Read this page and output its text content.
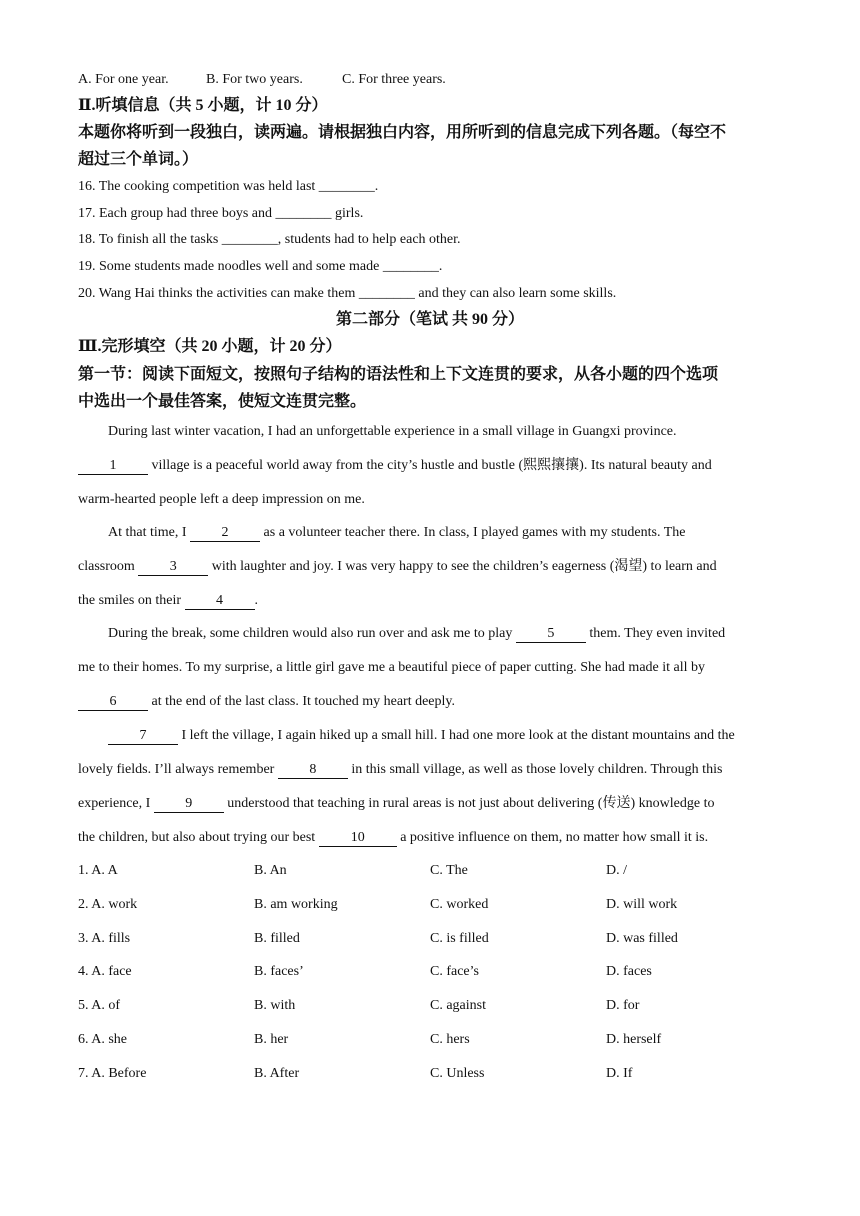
A. For one year.	B. For two years.	C. For three years.
Ⅱ.听填信息（共 5 小题，计 10 分）
本题你将听到一段独白，读两遍。请根据独白内容，用所听到的信息完成下列各题。（每空不
超过三个单词。）
16. The cooking competition was held last ________.
17. Each group had three boys and ________ girls.
18. To finish all the tasks ________, students had to help each other.
19. Some students made noodles well and some made ________.
20. Wang Hai thinks the activities can make them ________ and they can also learn some skills.
第二部分（笔试 共 90 分）
Ⅲ.完形填空（共 20 小题，计 20 分）
第一节：阅读下面短文，按照句子结构的语法性和上下文连贯的要求，从各小题的四个选项
中选出一个最佳答案，使短文连贯完整。
During last winter vacation, I had an unforgettable experience in a small village in Guangxi province.
1 village is a peaceful world away from the city’s hustle and bustle (熙熙攘攘). Its natural beauty and
warm-hearted people left a deep impression on me.
At that time, I 2 as a volunteer teacher there. In class, I played games with my students. The
classroom 3 with laughter and joy. I was very happy to see the children’s eagerness (渴望) to learn and
the smiles on their 4 .
During the break, some children would also run over and ask me to play 5 them. They even invited
me to their homes. To my surprise, a little girl gave me a beautiful piece of paper cutting. She had made it all by
6 at the end of the last class. It touched my heart deeply.
7 I left the village, I again hiked up a small hill. I had one more look at the distant mountains and the
lovely fields. I’ll always remember 8 in this small village, as well as those lovely children. Through this
experience, I 9 understood that teaching in rural areas is not just about delivering (传送) knowledge to
the children, but also about trying our best 10 a positive influence on them, no matter how small it is.
1. A. A	B. An	C. The	D. /
2. A. work	B. am working	C. worked	D. will work
3. A. fills	B. filled	C. is filled	D. was filled
4. A. face	B. faces’	C. face’s	D. faces
5. A. of	B. with	C. against	D. for
6. A. she	B. her	C. hers	D. herself
7. A. Before	B. After	C. Unless	D. If
